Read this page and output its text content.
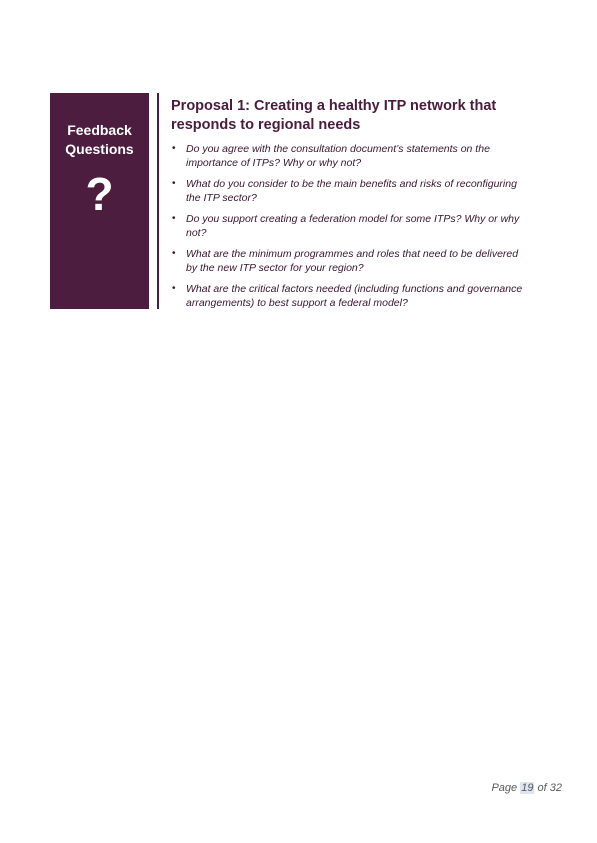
Feedback
Questions
?
Proposal 1: Creating a healthy ITP network that responds to regional needs
• Do you agree with the consultation document’s statements on the importance of ITPs? Why or why not?
• What do you consider to be the main benefits and risks of reconfiguring the ITP sector?
• Do you support creating a federation model for some ITPs? Why or why not?
• What are the minimum programmes and roles that need to be delivered by the new ITP sector for your region?
• What are the critical factors needed (including functions and governance arrangements) to best support a federal model?
Page 19 of 32
